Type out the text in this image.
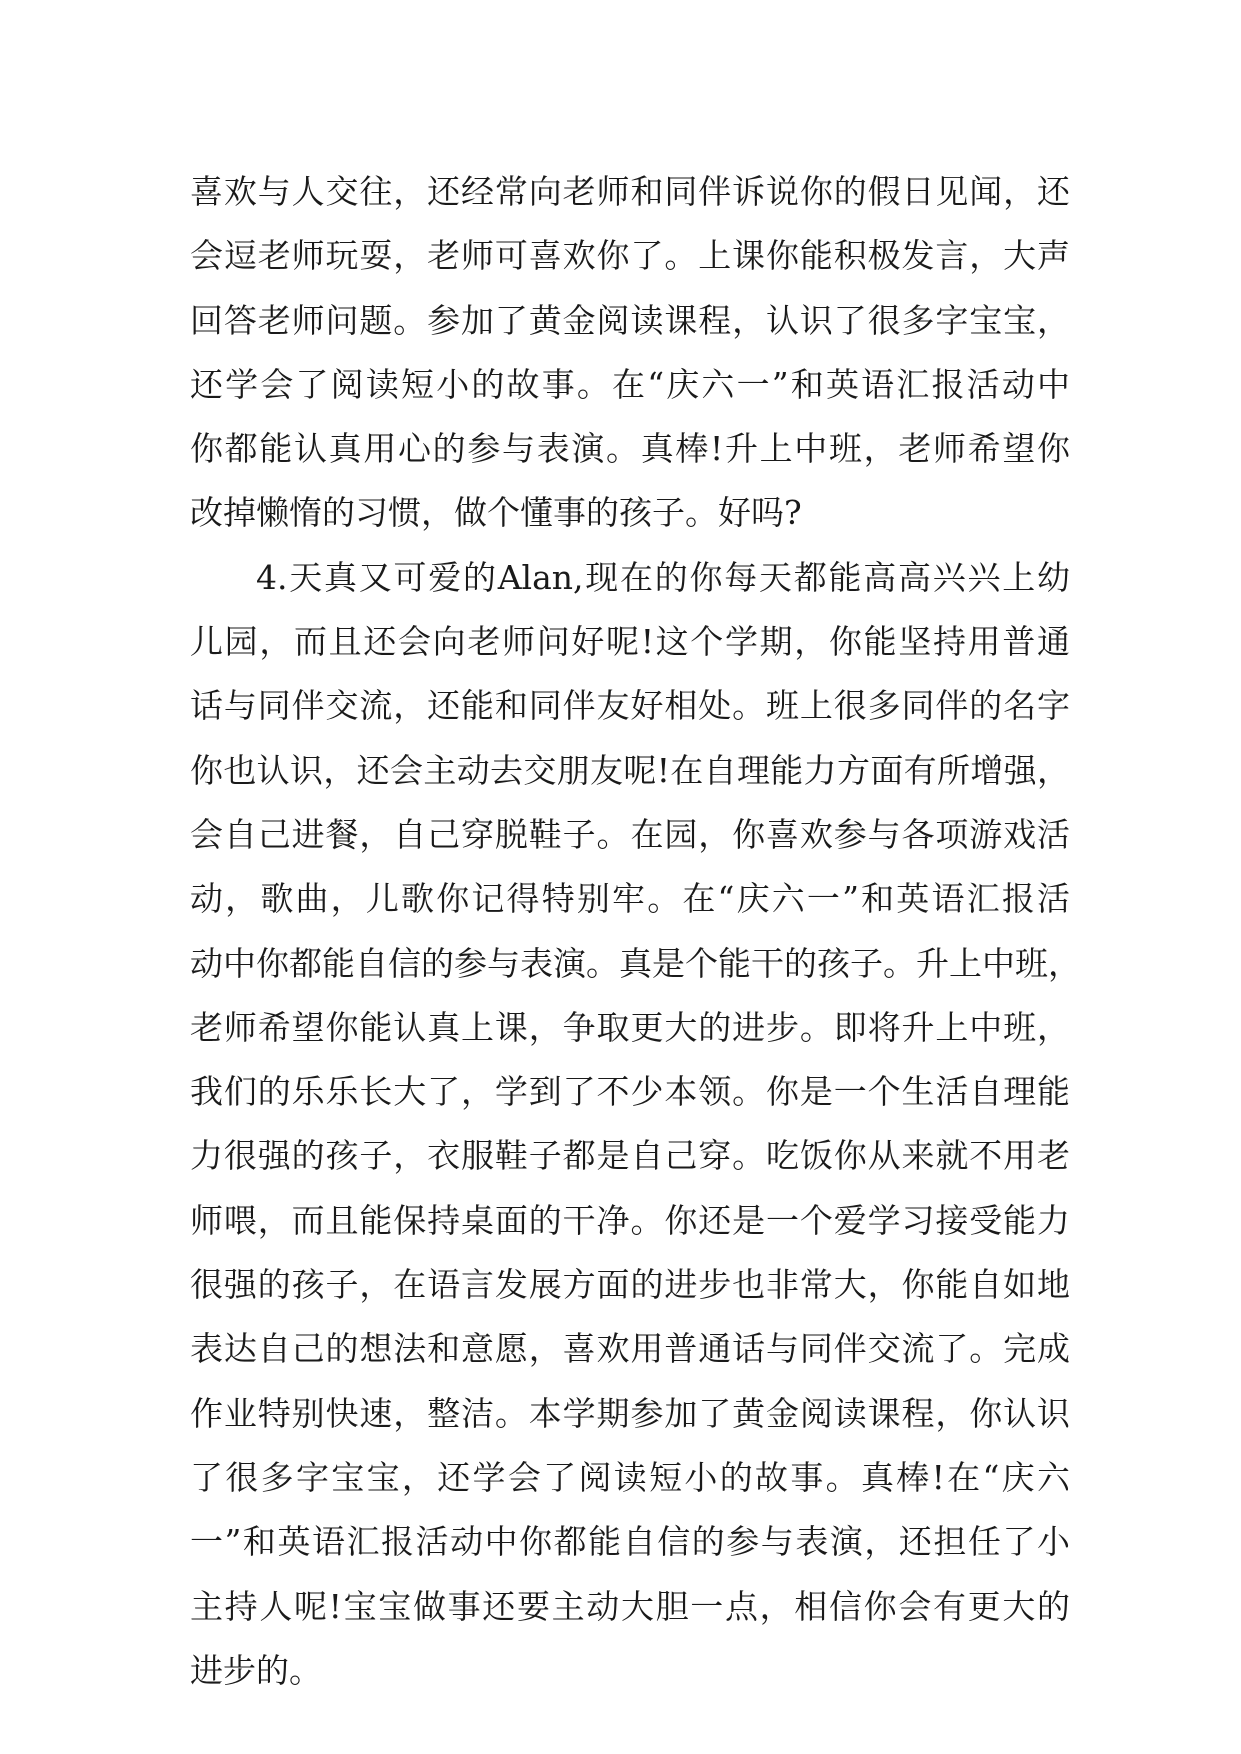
喜欢与人交往，还经常向老师和同伴诉说你的假日见闻，还
会逗老师玩耍，老师可喜欢你了。上课你能积极发言，大声
回答老师问题。参加了黄金阅读课程，认识了很多字宝宝，
还学会了阅读短小的故事。在“庆六一”和英语汇报活动中
你都能认真用心的参与表演。真棒!升上中班，老师希望你
改掉懒惰的习惯，做个懂事的孩子。好吗?
4.天真又可爱的Alan,现在的你每天都能高高兴兴上幼
儿园，而且还会向老师问好呢!这个学期，你能坚持用普通
话与同伴交流，还能和同伴友好相处。班上很多同伴的名字
你也认识，还会主动去交朋友呢!在自理能力方面有所增强，
会自己进餐，自己穿脱鞋子。在园，你喜欢参与各项游戏活
动，歌曲，儿歌你记得特别牢。在“庆六一”和英语汇报活
动中你都能自信的参与表演。真是个能干的孩子。升上中班，
老师希望你能认真上课，争取更大的进步。即将升上中班，
我们的乐乐长大了，学到了不少本领。你是一个生活自理能
力很强的孩子，衣服鞋子都是自己穿。吃饭你从来就不用老
师喂，而且能保持桌面的干净。你还是一个爱学习接受能力
很强的孩子，在语言发展方面的进步也非常大，你能自如地
表达自己的想法和意愿，喜欢用普通话与同伴交流了。完成
作业特别快速，整洁。本学期参加了黄金阅读课程，你认识
了很多字宝宝，还学会了阅读短小的故事。真棒!在“庆六
一”和英语汇报活动中你都能自信的参与表演，还担任了小
主持人呢!宝宝做事还要主动大胆一点，相信你会有更大的
进步的。
